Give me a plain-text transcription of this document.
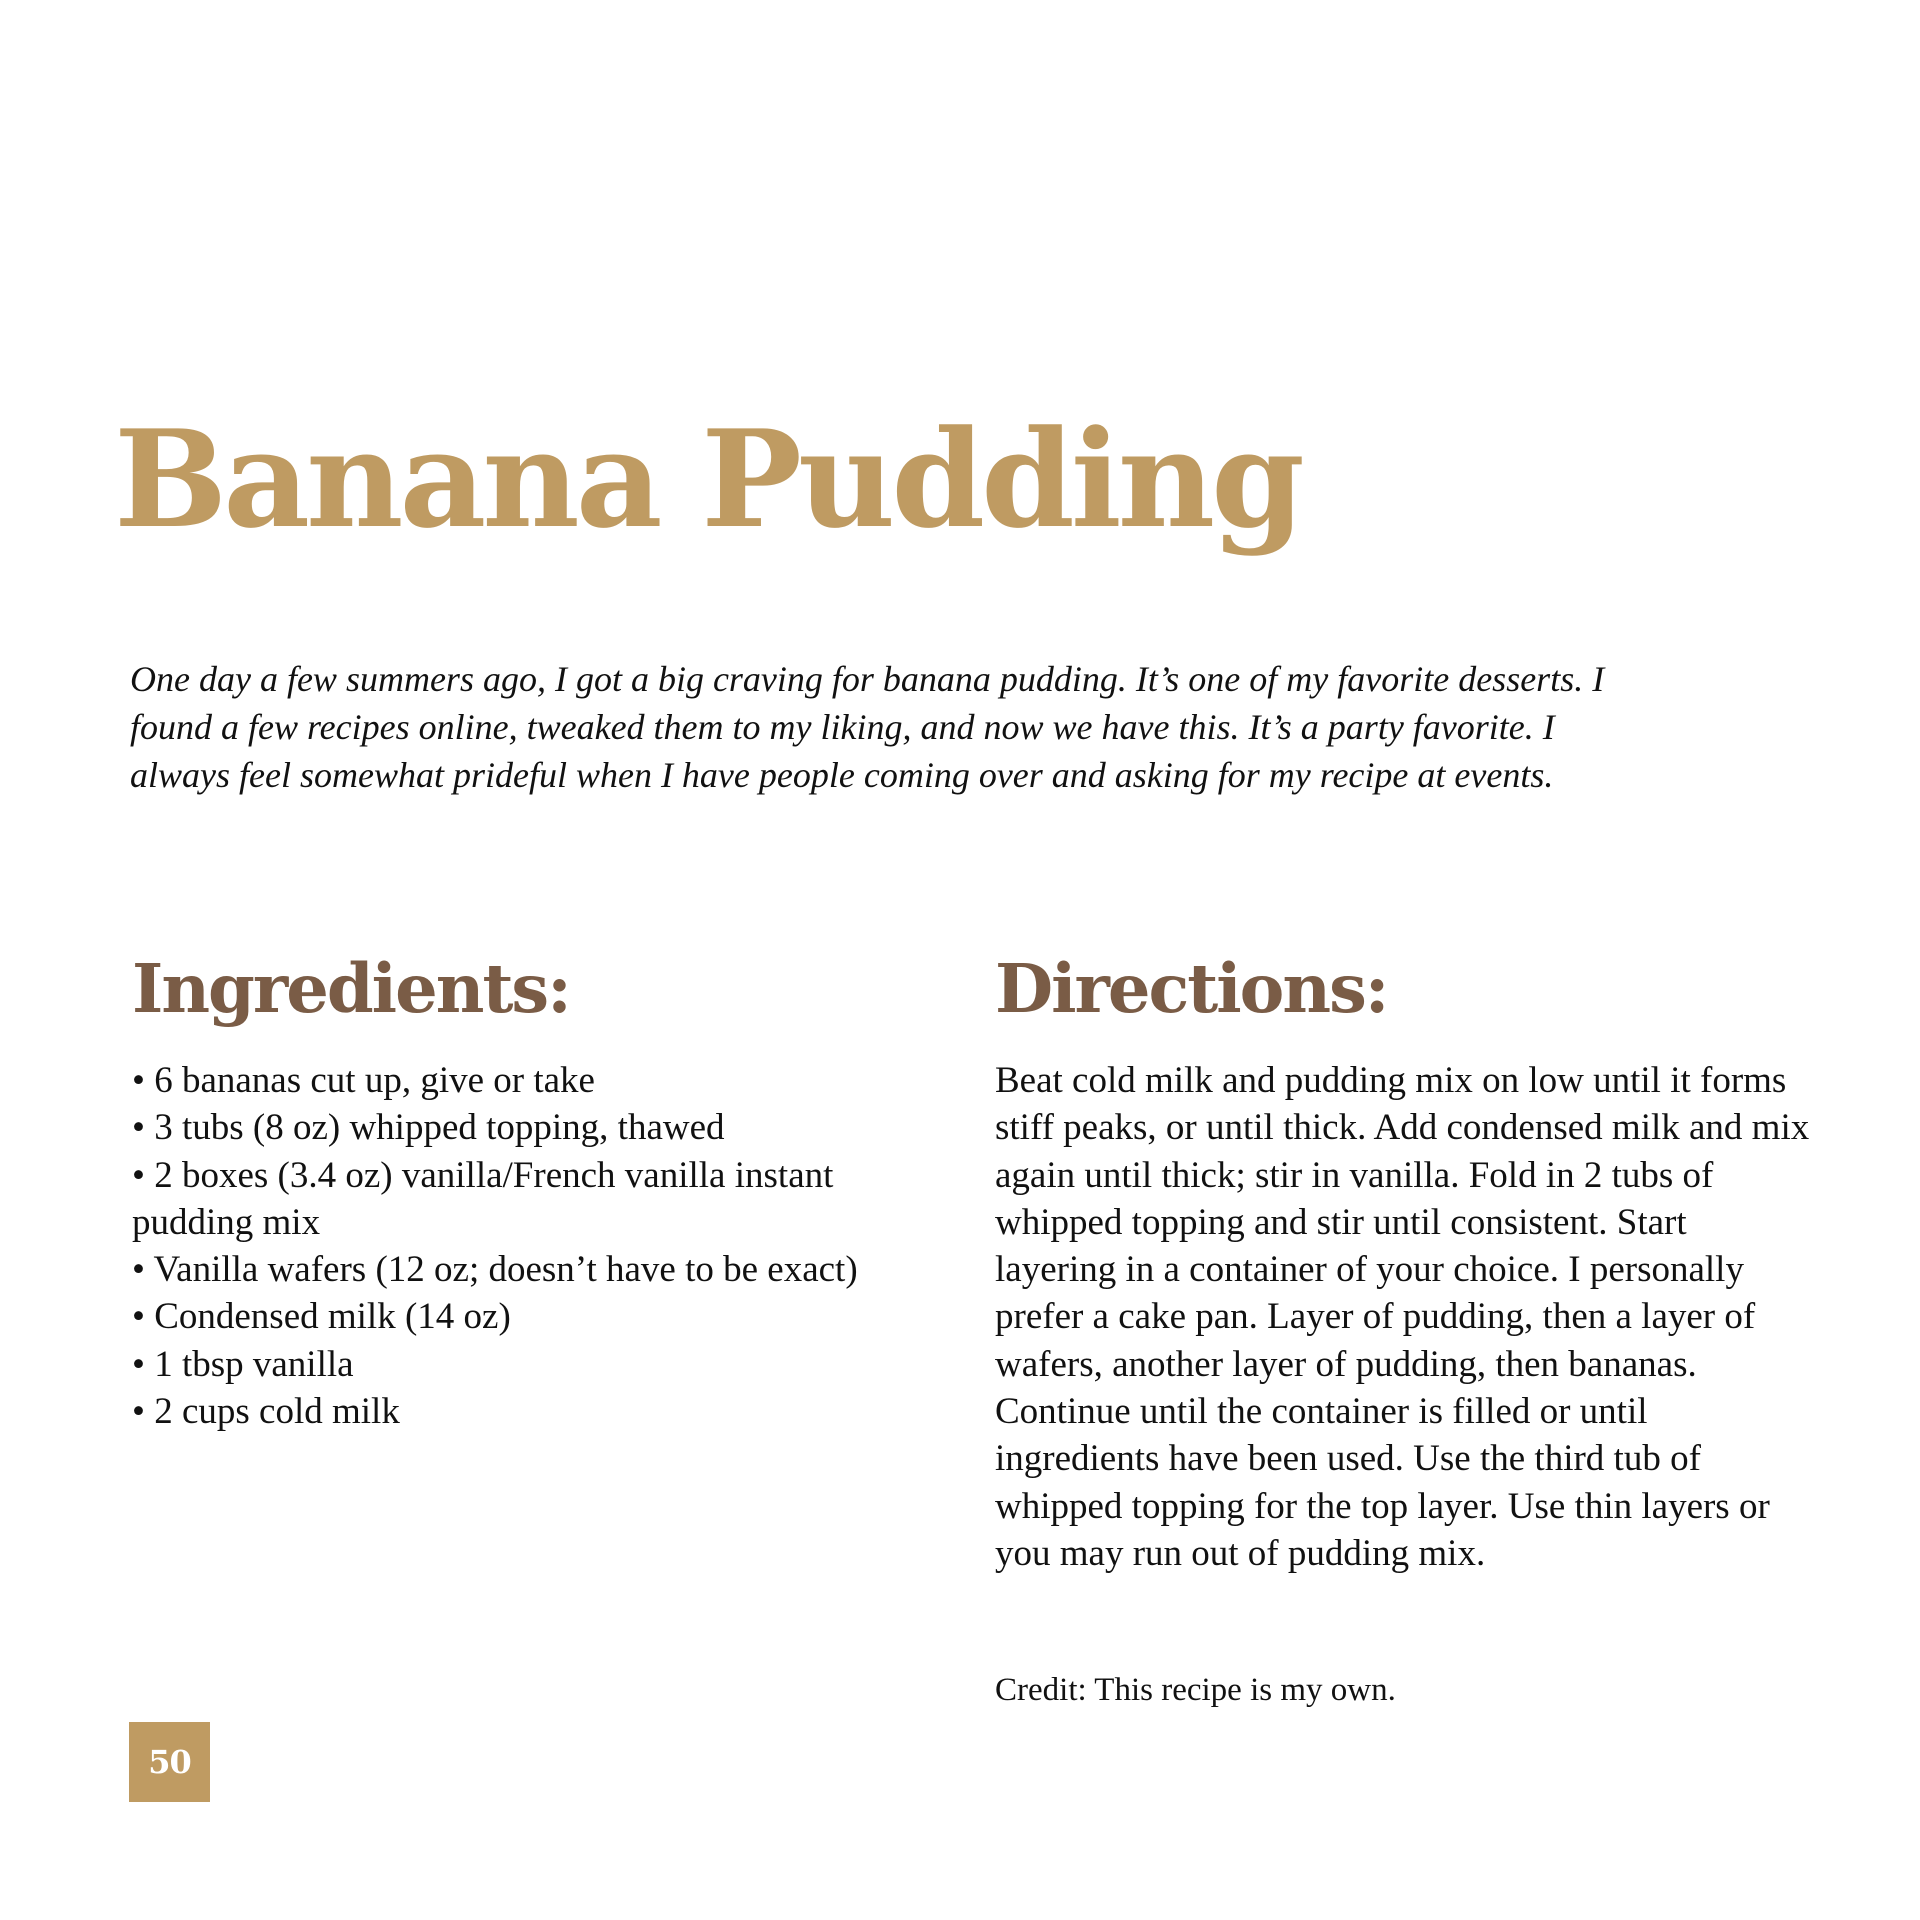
Banana Pudding

One day a few summers ago, I got a big craving for banana pudding. It’s one of my favorite desserts. I
found a few recipes online, tweaked them to my liking, and now we have this. It’s a party favorite. I
always feel somewhat prideful when I have people coming over and asking for my recipe at events.

Ingredients:
• 6 bananas cut up, give or take
• 3 tubs (8 oz) whipped topping, thawed
• 2 boxes (3.4 oz) vanilla/French vanilla instant pudding mix
• Vanilla wafers (12 oz; doesn’t have to be exact)
• Condensed milk (14 oz)
• 1 tbsp vanilla
• 2 cups cold milk
Directions:

Beat cold milk and pudding mix on low until it forms stiff peaks, or until thick. Add condensed milk and mix again until thick; stir in vanilla. Fold in 2 tubs of whipped topping and stir until consistent. Start layering in a container of your choice. I personally prefer a cake pan. Layer of pudding, then a layer of wafers, another layer of pudding, then bananas. Continue until the container is filled or until ingredients have been used. Use the third tub of whipped topping for the top layer. Use thin layers or you may run out of pudding mix.

Credit: This recipe is my own.

50
